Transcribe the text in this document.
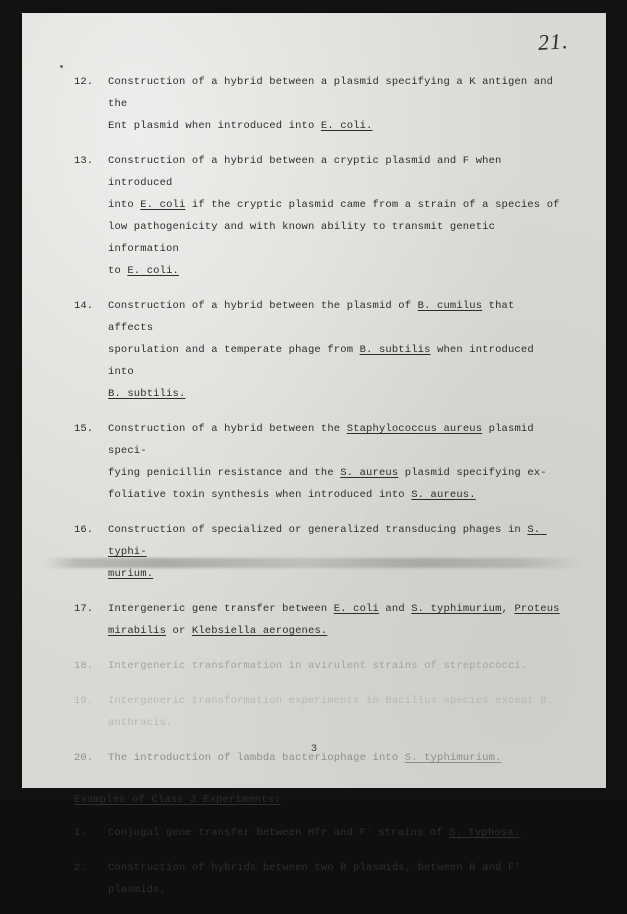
21.
12.	Construction of a hybrid between a plasmid specifying a K antigen and the
Ent plasmid when introduced into E. coli.
13.	Construction of a hybrid between a cryptic plasmid and F when introduced
into E. coli if the cryptic plasmid came from a strain of a species of
low pathogenicity and with known ability to transmit genetic information
to E. coli.
14.	Construction of a hybrid between the plasmid of B. cumilus that affects
sporulation and a temperate phage from B. subtilis when introduced into
B. subtilis.
15.	Construction of a hybrid between the Staphylococcus aureus plasmid speci-
fying penicillin resistance and the S. aureus plasmid specifying ex-
foliative toxin synthesis when introduced into S. aureus.
16.	Construction of specialized or generalized transducing phages in S. typhi-
murium.
17.	Intergeneric gene transfer between E. coli and S. typhimurium, Proteus
mirabilis or Klebsiella aerogenes.
18.	Intergeneric transformation in avirulent strains of streptococci.
19.	Intergeneric transformation experiments in Bacillus species except B.
anthracis.
20.	The introduction of lambda bacteriophage into S. typhimurium.
Examples of Class 3 Experiments:
1.	Conjugal gene transfer between Hfr and F⁻ strains of S. typhosa.
2.	Construction of hybrids between two R plasmids, between R and F' plasmids,
3
